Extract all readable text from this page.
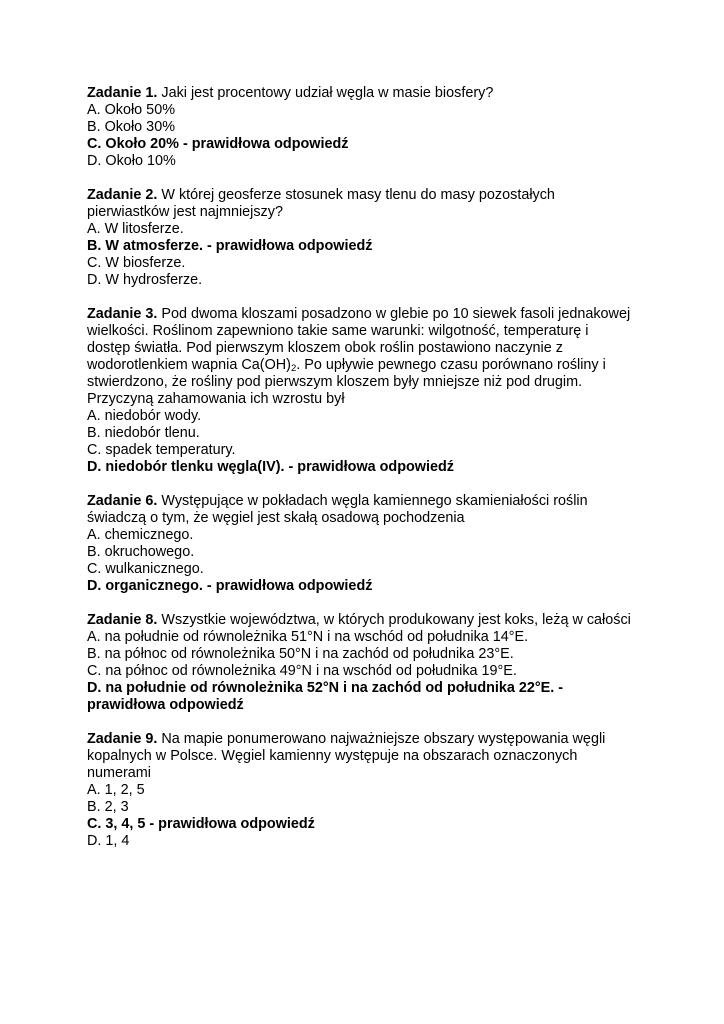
Zadanie 1. Jaki jest procentowy udział węgla w masie biosfery?
A. Około 50%
B. Około 30%
C. Około 20% - prawidłowa odpowiedź
D. Około 10%
Zadanie 2. W której geosferze stosunek masy tlenu do masy pozostałych
pierwiastków jest najmniejszy?
A. W litosferze.
B. W atmosferze. - prawidłowa odpowiedź
C. W biosferze.
D. W hydrosferze.
Zadanie 3. Pod dwoma kloszami posadzono w glebie po 10 siewek fasoli jednakowej
wielkości. Roślinom zapewniono takie same warunki: wilgotność, temperaturę i
dostęp światła. Pod pierwszym kloszem obok roślin postawiono naczynie z
wodorotlenkiem wapnia $Ca(OH)_2$. Po upływie pewnego czasu porównano rośliny i
stwierdzono, że rośliny pod pierwszym kloszem były mniejsze niż pod drugim.
Przyczyną zahamowania ich wzrostu był
A. niedobór wody.
B. niedobór tlenu.
C. spadek temperatury.
D. niedobór tlenku węgla(IV). - prawidłowa odpowiedź
Zadanie 6. Występujące w pokładach węgla kamiennego skamieniałości roślin
świadczą o tym, że węgiel jest skałą osadową pochodzenia
A. chemicznego.
B. okruchowego.
C. wulkanicznego.
D. organicznego. - prawidłowa odpowiedź
Zadanie 8. Wszystkie województwa, w których produkowany jest koks, leżą w całości
A. na południe od równoleżnika 51°N i na wschód od południka 14°E.
B. na północ od równoleżnika 50°N i na zachód od południka 23°E.
C. na północ od równoleżnika 49°N i na wschód od południka 19°E.
D. na południe od równoleżnika 52°N i na zachód od południka 22°E. -
prawidłowa odpowiedź
Zadanie 9. Na mapie ponumerowano najważniejsze obszary występowania węgli
kopalnych w Polsce. Węgiel kamienny występuje na obszarach oznaczonych
numerami
A. 1, 2, 5
B. 2, 3
C. 3, 4, 5 - prawidłowa odpowiedź
D. 1, 4
